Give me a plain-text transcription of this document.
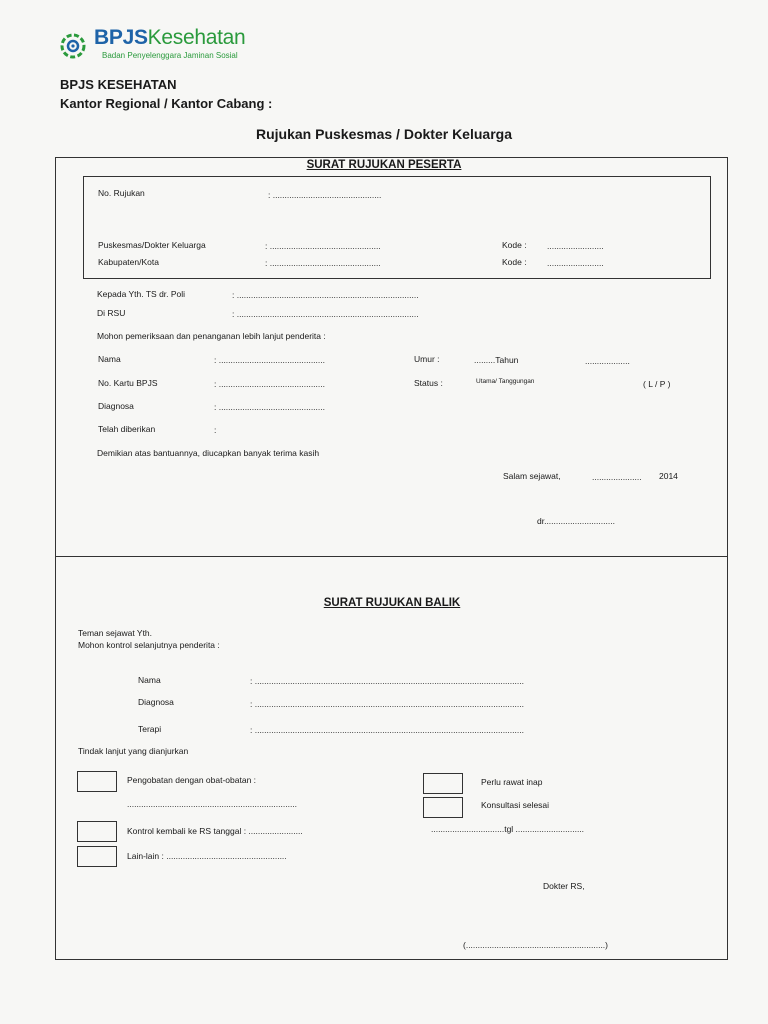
BPJSKesehatan
Badan Penyelenggara Jaminan Sosial
BPJS KESEHATAN
Kantor Regional / Kantor Cabang :
Rujukan Puskesmas / Dokter Keluarga
SURAT RUJUKAN PESERTA
No. Rujukan	: ..............................................
Puskesmas/Dokter Keluarga	: ...............................................	Kode : ........................
Kabupaten/Kota	: ...............................................	Kode : ........................
Kepada Yth. TS dr. Poli	: .............................................................................
Di RSU	: .............................................................................
Mohon pemeriksaan dan penanganan lebih lanjut penderita :
Nama	: .............................................	Umur :	.........Tahun	...................
No. Kartu BPJS	: .............................................	Status :	Utama/ Tanggungan	( L / P )
Diagnosa	: .............................................
Telah diberikan	:
Demikian atas bantuannya, diucapkan banyak terima kasih
Salam sejawat,	..................... 2014
dr..............................
SURAT RUJUKAN BALIK
Teman sejawat Yth.
Mohon kontrol selanjutnya penderita :
Nama	: ..................................................................................................................
Diagnosa	: ..................................................................................................................
Terapi	: ..................................................................................................................
Tindak lanjut yang dianjurkan
Pengobatan dengan obat-obatan :
........................................................................
Perlu rawat inap
Konsultasi selesai
Kontrol kembali ke RS tanggal : .......................	...............................tgl .............................
Lain-lain : ...................................................
Dokter RS,
(...........................................................)
